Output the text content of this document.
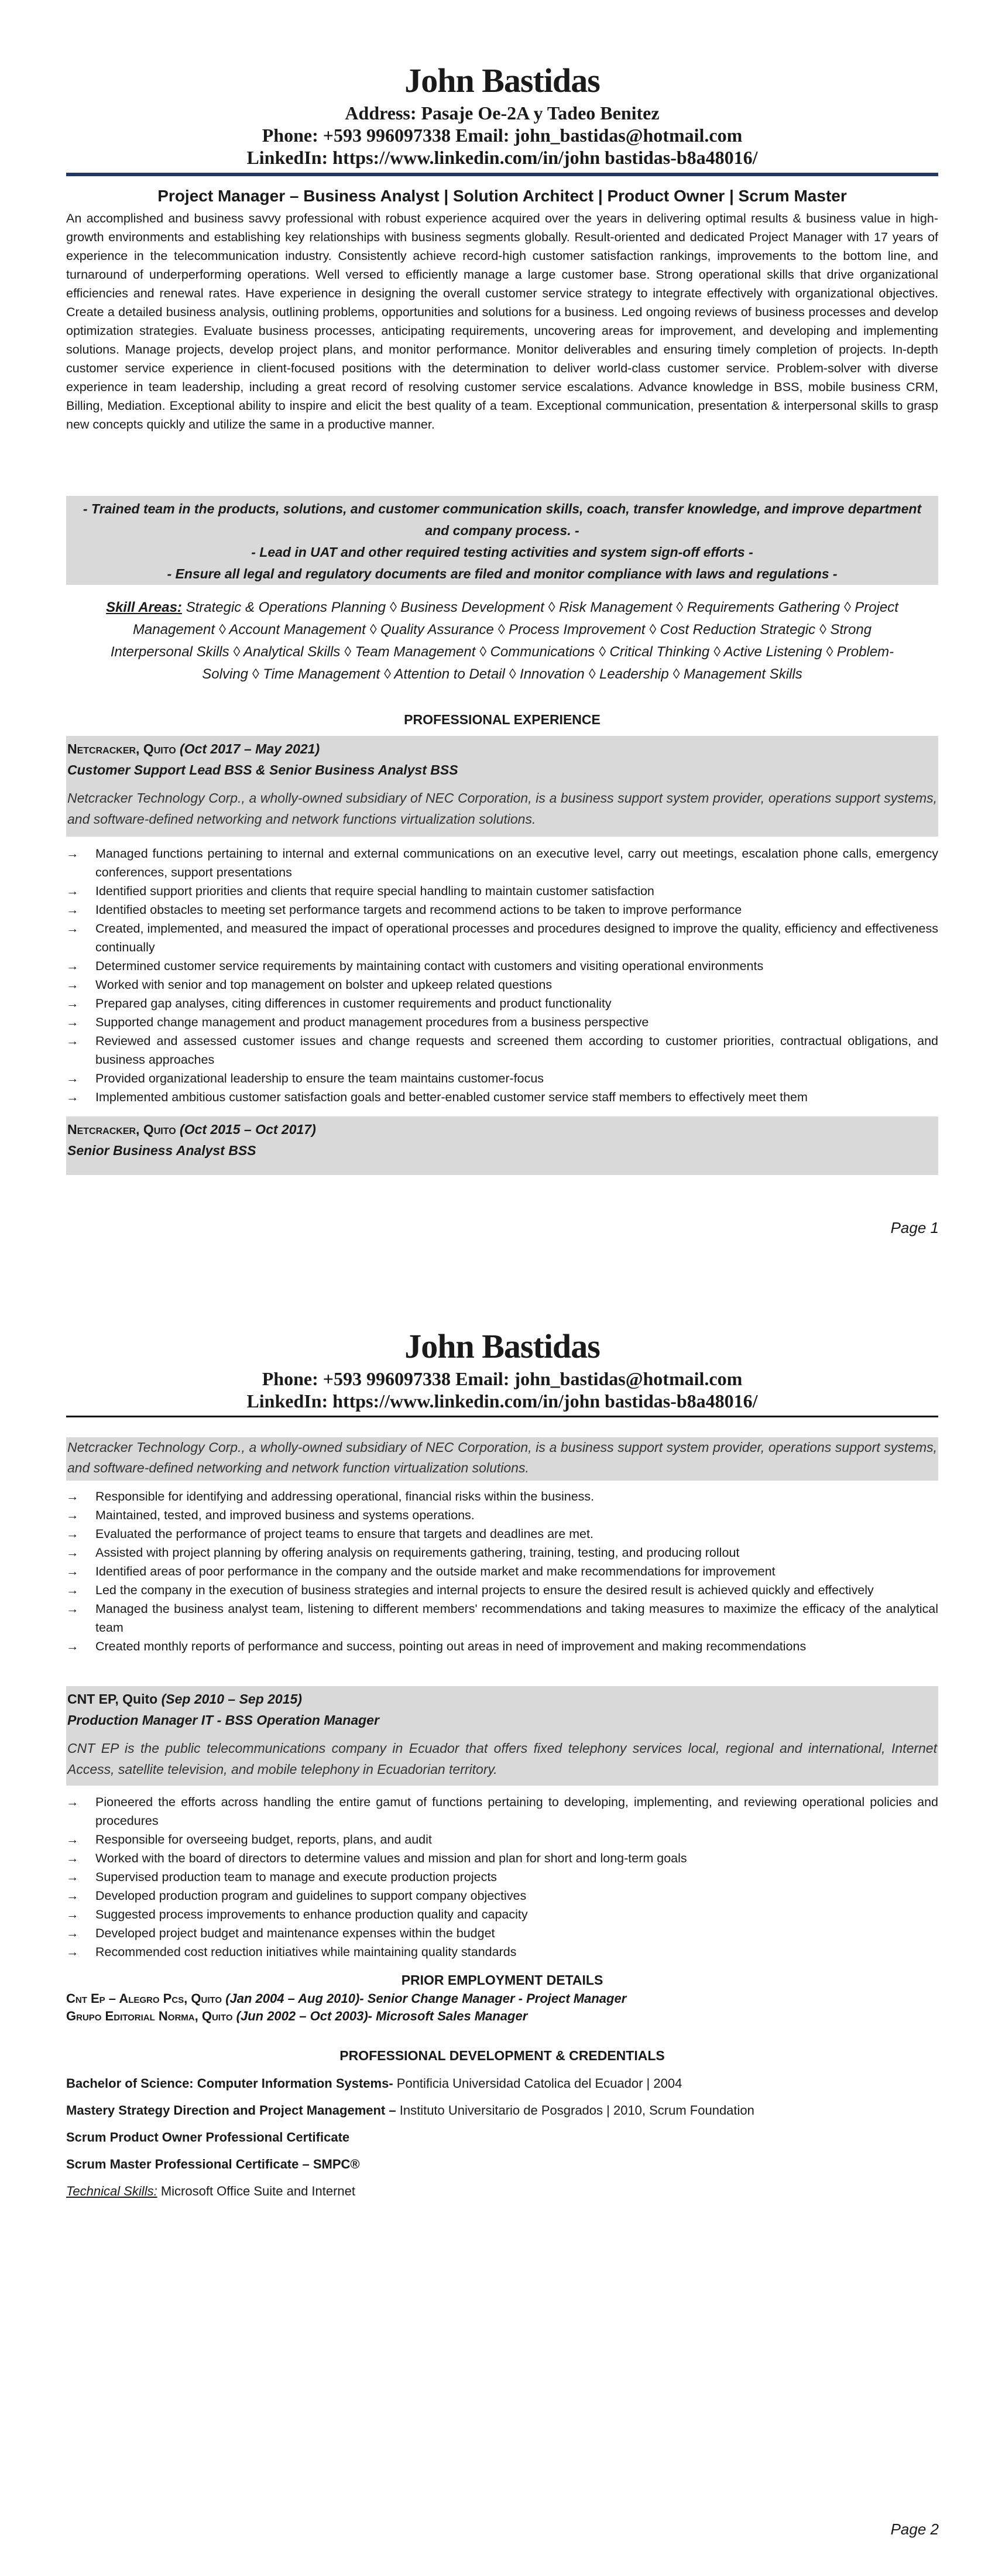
John Bastidas
Address: Pasaje Oe-2A y Tadeo Benitez
Phone: +593 996097338 Email: john_bastidas@hotmail.com
LinkedIn: https://www.linkedin.com/in/john bastidas-b8a48016/
Project Manager – Business Analyst | Solution Architect | Product Owner | Scrum Master
An accomplished and business savvy professional with robust experience acquired over the years in delivering optimal results & business value in high-growth environments and establishing key relationships with business segments globally. Result-oriented and dedicated Project Manager with 17 years of experience in the telecommunication industry. Consistently achieve record-high customer satisfaction rankings, improvements to the bottom line, and turnaround of underperforming operations. Well versed to efficiently manage a large customer base. Strong operational skills that drive organizational efficiencies and renewal rates. Have experience in designing the overall customer service strategy to integrate effectively with organizational objectives. Create a detailed business analysis, outlining problems, opportunities and solutions for a business. Led ongoing reviews of business processes and develop optimization strategies. Evaluate business processes, anticipating requirements, uncovering areas for improvement, and developing and implementing solutions. Manage projects, develop project plans, and monitor performance. Monitor deliverables and ensuring timely completion of projects. In-depth customer service experience in client-focused positions with the determination to deliver world-class customer service. Problem-solver with diverse experience in team leadership, including a great record of resolving customer service escalations. Advance knowledge in BSS, mobile business CRM, Billing, Mediation. Exceptional ability to inspire and elicit the best quality of a team. Exceptional communication, presentation & interpersonal skills to grasp new concepts quickly and utilize the same in a productive manner.
- Trained team in the products, solutions, and customer communication skills, coach, transfer knowledge, and improve department and company process. -
- Lead in UAT and other required testing activities and system sign-off efforts -
- Ensure all legal and regulatory documents are filed and monitor compliance with laws and regulations -
Skill Areas: Strategic & Operations Planning ◊ Business Development ◊ Risk Management ◊ Requirements Gathering ◊ Project Management ◊ Account Management ◊ Quality Assurance ◊ Process Improvement ◊ Cost Reduction Strategic ◊ Strong Interpersonal Skills ◊ Analytical Skills ◊ Team Management ◊ Communications ◊ Critical Thinking ◊ Active Listening ◊ Problem-Solving ◊ Time Management ◊ Attention to Detail ◊ Innovation ◊ Leadership ◊ Management Skills
PROFESSIONAL EXPERIENCE
Netcracker, Quito (Oct 2017 – May 2021)
Customer Support Lead BSS & Senior Business Analyst BSS
Netcracker Technology Corp., a wholly-owned subsidiary of NEC Corporation, is a business support system provider, operations support systems, and software-defined networking and network functions virtualization solutions.
→ Managed functions pertaining to internal and external communications on an executive level, carry out meetings, escalation phone calls, emergency conferences, support presentations
→ Identified support priorities and clients that require special handling to maintain customer satisfaction
→ Identified obstacles to meeting set performance targets and recommend actions to be taken to improve performance
→ Created, implemented, and measured the impact of operational processes and procedures designed to improve the quality, efficiency and effectiveness continually
→ Determined customer service requirements by maintaining contact with customers and visiting operational environments
→ Worked with senior and top management on bolster and upkeep related questions
→ Prepared gap analyses, citing differences in customer requirements and product functionality
→ Supported change management and product management procedures from a business perspective
→ Reviewed and assessed customer issues and change requests and screened them according to customer priorities, contractual obligations, and business approaches
→ Provided organizational leadership to ensure the team maintains customer-focus
→ Implemented ambitious customer satisfaction goals and better-enabled customer service staff members to effectively meet them
Netcracker, Quito (Oct 2015 – Oct 2017)
Senior Business Analyst BSS
Page 1
John Bastidas
Phone: +593 996097338 Email: john_bastidas@hotmail.com
LinkedIn: https://www.linkedin.com/in/john bastidas-b8a48016/
Netcracker Technology Corp., a wholly-owned subsidiary of NEC Corporation, is a business support system provider, operations support systems, and software-defined networking and network function virtualization solutions.
→ Responsible for identifying and addressing operational, financial risks within the business.
→ Maintained, tested, and improved business and systems operations.
→ Evaluated the performance of project teams to ensure that targets and deadlines are met.
→ Assisted with project planning by offering analysis on requirements gathering, training, testing, and producing rollout
→ Identified areas of poor performance in the company and the outside market and make recommendations for improvement
→ Led the company in the execution of business strategies and internal projects to ensure the desired result is achieved quickly and effectively
→ Managed the business analyst team, listening to different members' recommendations and taking measures to maximize the efficacy of the analytical team
→ Created monthly reports of performance and success, pointing out areas in need of improvement and making recommendations
CNT EP, Quito (Sep 2010 – Sep 2015)
Production Manager IT - BSS Operation Manager
CNT EP is the public telecommunications company in Ecuador that offers fixed telephony services local, regional and international, Internet Access, satellite television, and mobile telephony in Ecuadorian territory.
→ Pioneered the efforts across handling the entire gamut of functions pertaining to developing, implementing, and reviewing operational policies and procedures
→ Responsible for overseeing budget, reports, plans, and audit
→ Worked with the board of directors to determine values and mission and plan for short and long-term goals
→ Supervised production team to manage and execute production projects
→ Developed production program and guidelines to support company objectives
→ Suggested process improvements to enhance production quality and capacity
→ Developed project budget and maintenance expenses within the budget
→ Recommended cost reduction initiatives while maintaining quality standards
PRIOR EMPLOYMENT DETAILS
Cnt Ep – Alegro Pcs, Quito (Jan 2004 – Aug 2010)- Senior Change Manager - Project Manager
Grupo Editorial Norma, Quito (Jun 2002 – Oct 2003)- Microsoft Sales Manager
PROFESSIONAL DEVELOPMENT & CREDENTIALS
Bachelor of Science: Computer Information Systems- Pontificia Universidad Catolica del Ecuador | 2004
Mastery Strategy Direction and Project Management – Instituto Universitario de Posgrados | 2010, Scrum Foundation
Scrum Product Owner Professional Certificate
Scrum Master Professional Certificate – SMPC®
Technical Skills: Microsoft Office Suite and Internet
Page 2
